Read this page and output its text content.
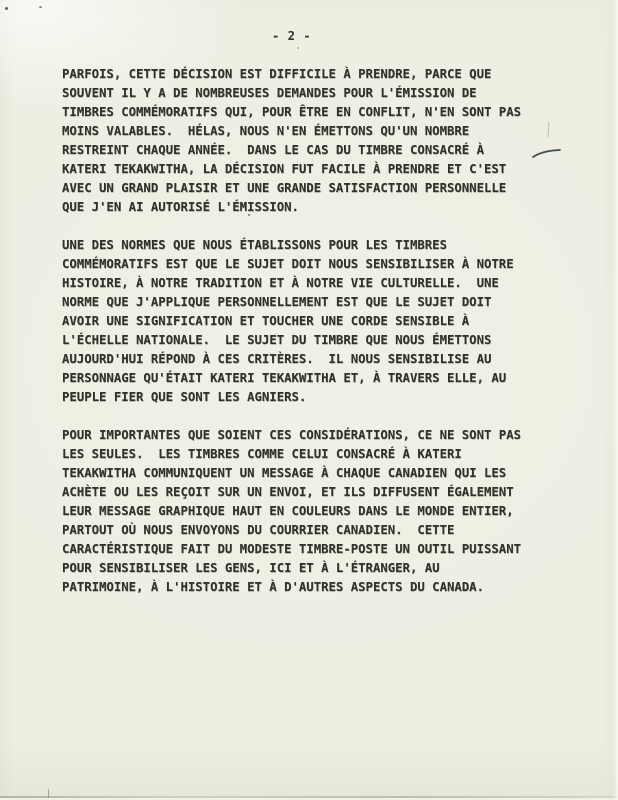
- 2 -
PARFOIS, CETTE DÉCISION EST DIFFICILE À PRENDRE, PARCE QUE
SOUVENT IL Y A DE NOMBREUSES DEMANDES POUR L'ÉMISSION DE
TIMBRES COMMÉMORATIFS QUI, POUR ÊTRE EN CONFLIT, N'EN SONT PAS
MOINS VALABLES.  HÉLAS, NOUS N'EN ÉMETTONS QU'UN NOMBRE
RESTREINT CHAQUE ANNÉE.  DANS LE CAS DU TIMBRE CONSACRÉ À
KATERI TEKAKWITHA, LA DÉCISION FUT FACILE À PRENDRE ET C'EST
AVEC UN GRAND PLAISIR ET UNE GRANDE SATISFACTION PERSONNELLE
QUE J'EN AI AUTORISÉ L'ÉMISSION.
UNE DES NORMES QUE NOUS ÉTABLISSONS POUR LES TIMBRES
COMMÉMORATIFS EST QUE LE SUJET DOIT NOUS SENSIBILISER À NOTRE
HISTOIRE, À NOTRE TRADITION ET À NOTRE VIE CULTURELLE.  UNE
NORME QUE J'APPLIQUE PERSONNELLEMENT EST QUE LE SUJET DOIT
AVOIR UNE SIGNIFICATION ET TOUCHER UNE CORDE SENSIBLE À
L'ÉCHELLE NATIONALE.  LE SUJET DU TIMBRE QUE NOUS ÉMETTONS
AUJOURD'HUI RÉPOND À CES CRITÈRES.  IL NOUS SENSIBILISE AU
PERSONNAGE QU'ÉTAIT KATERI TEKAKWITHA ET, À TRAVERS ELLE, AU
PEUPLE FIER QUE SONT LES AGNIERS.
POUR IMPORTANTES QUE SOIENT CES CONSIDÉRATIONS, CE NE SONT PAS
LES SEULES.  LES TIMBRES COMME CELUI CONSACRÉ À KATERI
TEKAKWITHA COMMUNIQUENT UN MESSAGE À CHAQUE CANADIEN QUI LES
ACHÈTE OU LES REÇOIT SUR UN ENVOI, ET ILS DIFFUSENT ÉGALEMENT
LEUR MESSAGE GRAPHIQUE HAUT EN COULEURS DANS LE MONDE ENTIER,
PARTOUT OÙ NOUS ENVOYONS DU COURRIER CANADIEN.  CETTE
CARACTÉRISTIQUE FAIT DU MODESTE TIMBRE-POSTE UN OUTIL PUISSANT
POUR SENSIBILISER LES GENS, ICI ET À L'ÉTRANGER, AU
PATRIMOINE, À L'HISTOIRE ET À D'AUTRES ASPECTS DU CANADA.
